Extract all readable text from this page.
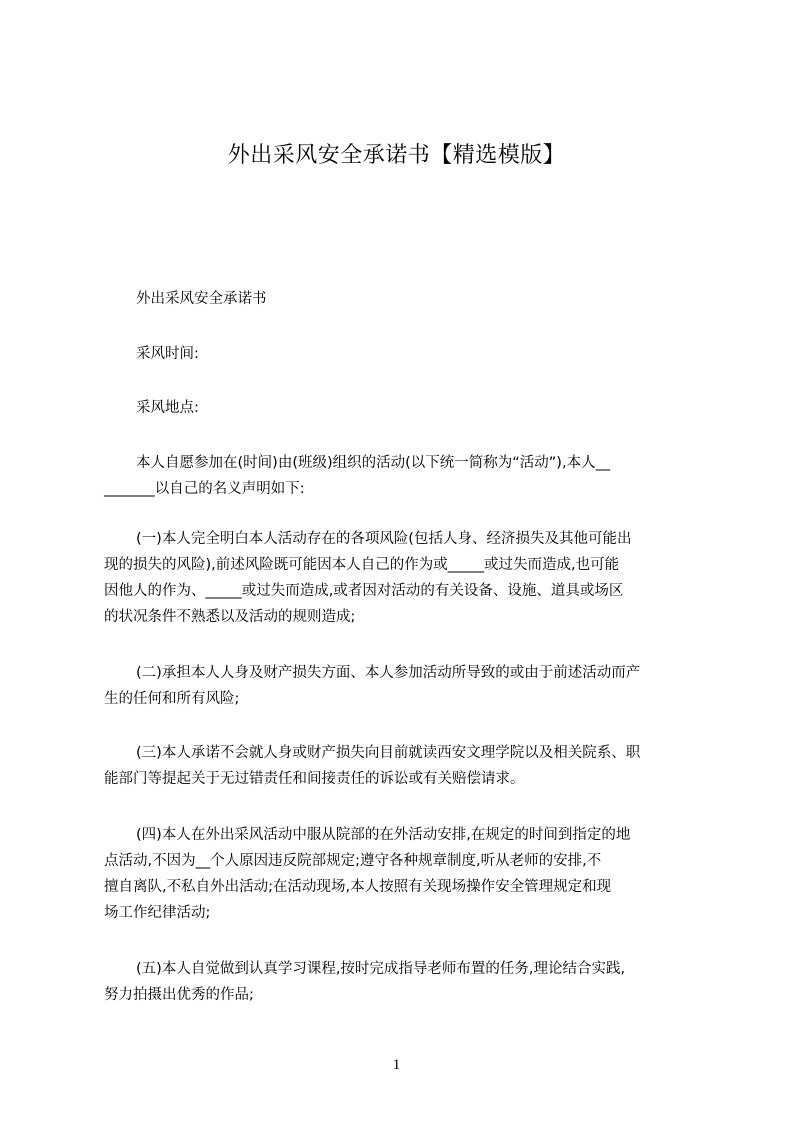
外出采风安全承诺书【精选模版】

外出采风安全承诺书

采风时间:

采风地点:

本人自愿参加在(时间)由(班级)组织的活动(以下统一简称为“活动”),本人__
_______以自己的名义声明如下:

(一)本人完全明白本人活动存在的各项风险(包括人身、经济损失及其他可能出
现的损失的风险),前述风险既可能因本人自己的作为或_____或过失而造成,也可能
因他人的作为、_____或过失而造成,或者因对活动的有关设备、设施、道具或场区
的状况条件不熟悉以及活动的规则造成;

(二)承担本人人身及财产损失方面、本人参加活动所导致的或由于前述活动而产
生的任何和所有风险;

(三)本人承诺不会就人身或财产损失向目前就读西安文理学院以及相关院系、职
能部门等提起关于无过错责任和间接责任的诉讼或有关赔偿请求。

(四)本人在外出采风活动中服从院部的在外活动安排,在规定的时间到指定的地
点活动,不因为__个人原因违反院部规定;遵守各种规章制度,听从老师的安排,不
擅自离队,不私自外出活动;在活动现场,本人按照有关现场操作安全管理规定和现
场工作纪律活动;

(五)本人自觉做到认真学习课程,按时完成指导老师布置的任务,理论结合实践,
努力拍摄出优秀的作品;

1
